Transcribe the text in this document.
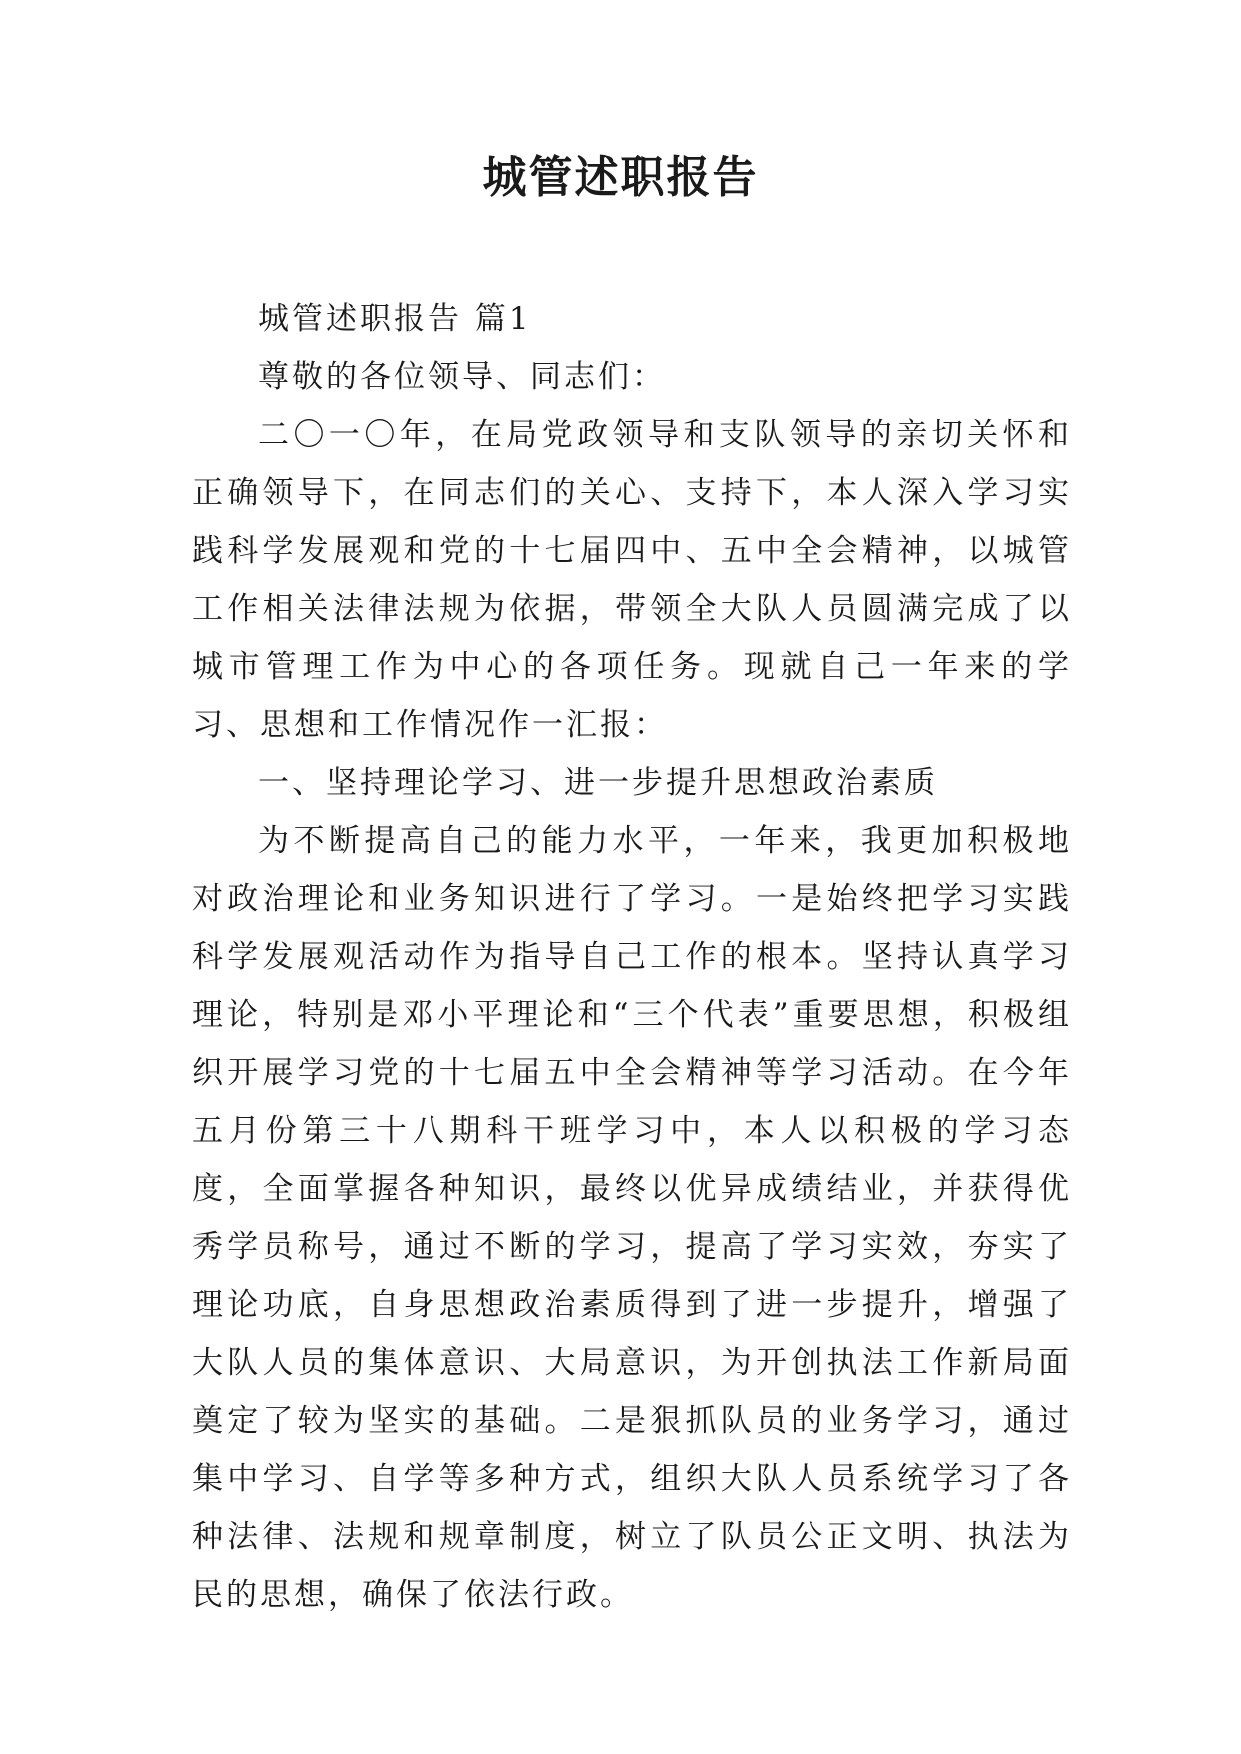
城管述职报告

城管述职报告 篇1

尊敬的各位领导、同志们：

二〇一〇年，在局党政领导和支队领导的亲切关怀和正确领导下，在同志们的关心、支持下，本人深入学习实践科学发展观和党的十七届四中、五中全会精神，以城管工作相关法律法规为依据，带领全大队人员圆满完成了以城市管理工作为中心的各项任务。现就自己一年来的学习、思想和工作情况作一汇报：

一、坚持理论学习、进一步提升思想政治素质

为不断提高自己的能力水平，一年来，我更加积极地对政治理论和业务知识进行了学习。一是始终把学习实践科学发展观活动作为指导自己工作的根本。坚持认真学习理论，特别是邓小平理论和“三个代表”重要思想，积极组织开展学习党的十七届五中全会精神等学习活动。在今年五月份第三十八期科干班学习中，本人以积极的学习态度，全面掌握各种知识，最终以优异成绩结业，并获得优秀学员称号，通过不断的学习，提高了学习实效，夯实了理论功底，自身思想政治素质得到了进一步提升，增强了大队人员的集体意识、大局意识，为开创执法工作新局面奠定了较为坚实的基础。二是狠抓队员的业务学习，通过集中学习、自学等多种方式，组织大队人员系统学习了各种法律、法规和规章制度，树立了队员公正文明、执法为民的思想，确保了依法行政。
